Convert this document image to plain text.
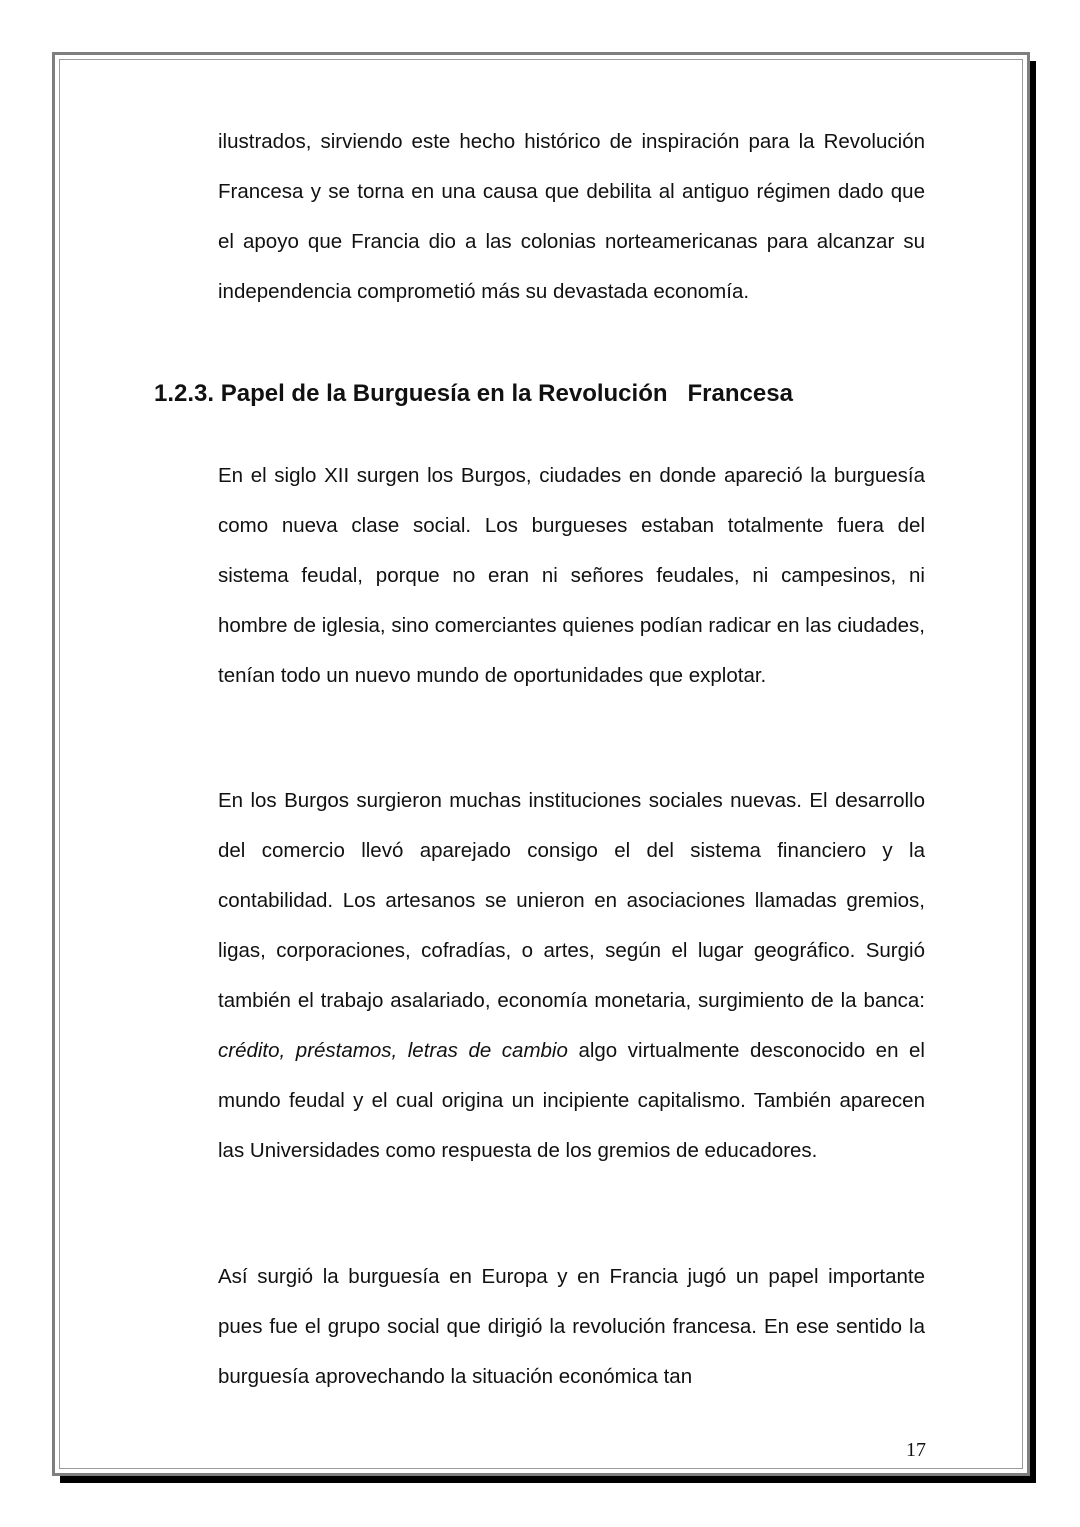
ilustrados, sirviendo este hecho histórico de inspiración para la Revolución Francesa y se torna en una causa que debilita al antiguo régimen dado que el apoyo que Francia dio a las colonias norteamericanas para alcanzar su independencia comprometió más su devastada economía.

1.2.3. Papel de la Burguesía en la Revolución   Francesa

En el siglo XII surgen los Burgos, ciudades en donde apareció la burguesía como nueva clase social. Los burgueses estaban totalmente fuera del sistema feudal, porque no eran ni señores feudales, ni campesinos, ni hombre de iglesia, sino comerciantes quienes podían radicar en las ciudades, tenían todo un nuevo mundo de oportunidades que explotar.

En los Burgos surgieron muchas instituciones sociales nuevas. El desarrollo del comercio llevó aparejado consigo el del sistema financiero y la contabilidad. Los artesanos se unieron en asociaciones llamadas gremios, ligas, corporaciones, cofradías, o artes, según el lugar geográfico. Surgió también el trabajo asalariado, economía monetaria, surgimiento de la banca: crédito, préstamos, letras de cambio algo virtualmente desconocido en el mundo feudal y el cual origina un incipiente capitalismo. También aparecen las Universidades como respuesta de los gremios de educadores.

Así surgió la burguesía en Europa y en Francia jugó un papel importante pues fue el grupo social que dirigió la revolución francesa. En ese sentido la burguesía aprovechando la situación económica tan

17
